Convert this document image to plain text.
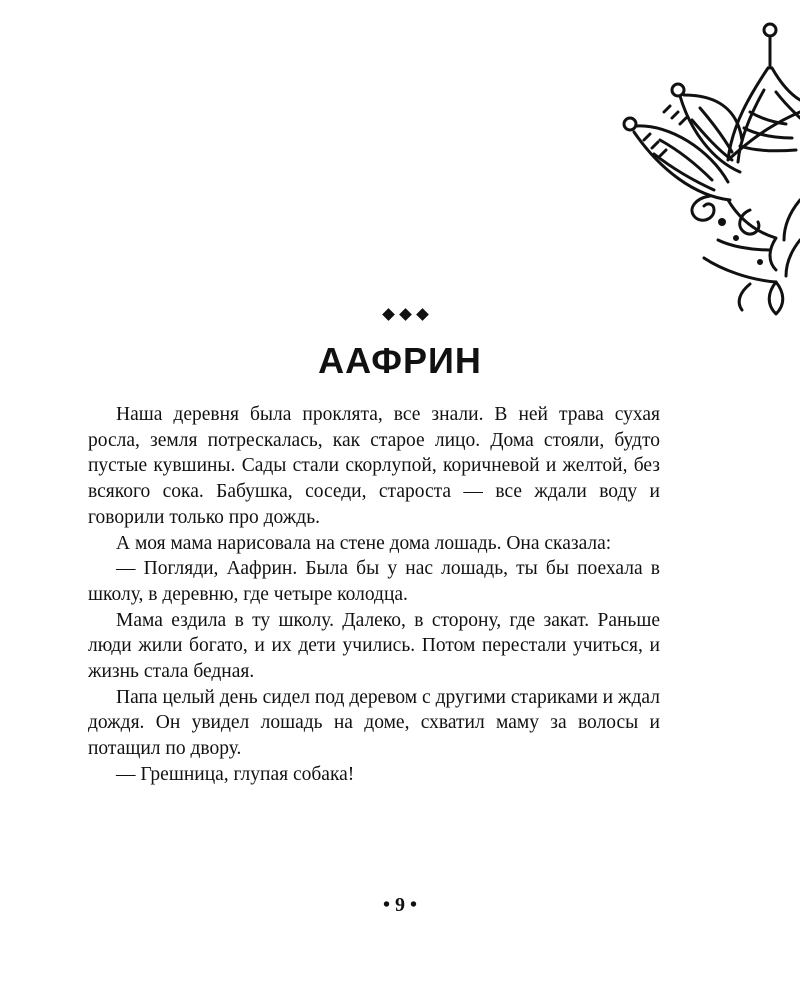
ААФРИН

Наша деревня была проклята, все знали. В ней трава сухая росла, земля потрескалась, как старое лицо. Дома стояли, будто пустые кувшины. Сады стали скорлупой, коричневой и желтой, без всякого сока. Бабушка, соседи, староста — все ждали воду и говорили только про дождь.

А моя мама нарисовала на стене дома лошадь. Она сказала:

— Погляди, Аафрин. Была бы у нас лошадь, ты бы поехала в школу, в деревню, где четыре колодца.

Мама ездила в ту школу. Далеко, в сторону, где закат. Раньше люди жили богато, и их дети учились. Потом перестали учиться, и жизнь стала бедная.

Папа целый день сидел под деревом с другими стариками и ждал дождя. Он увидел лошадь на доме, схватил маму за волосы и потащил по двору.

— Грешница, глупая собака!

• 9 •
